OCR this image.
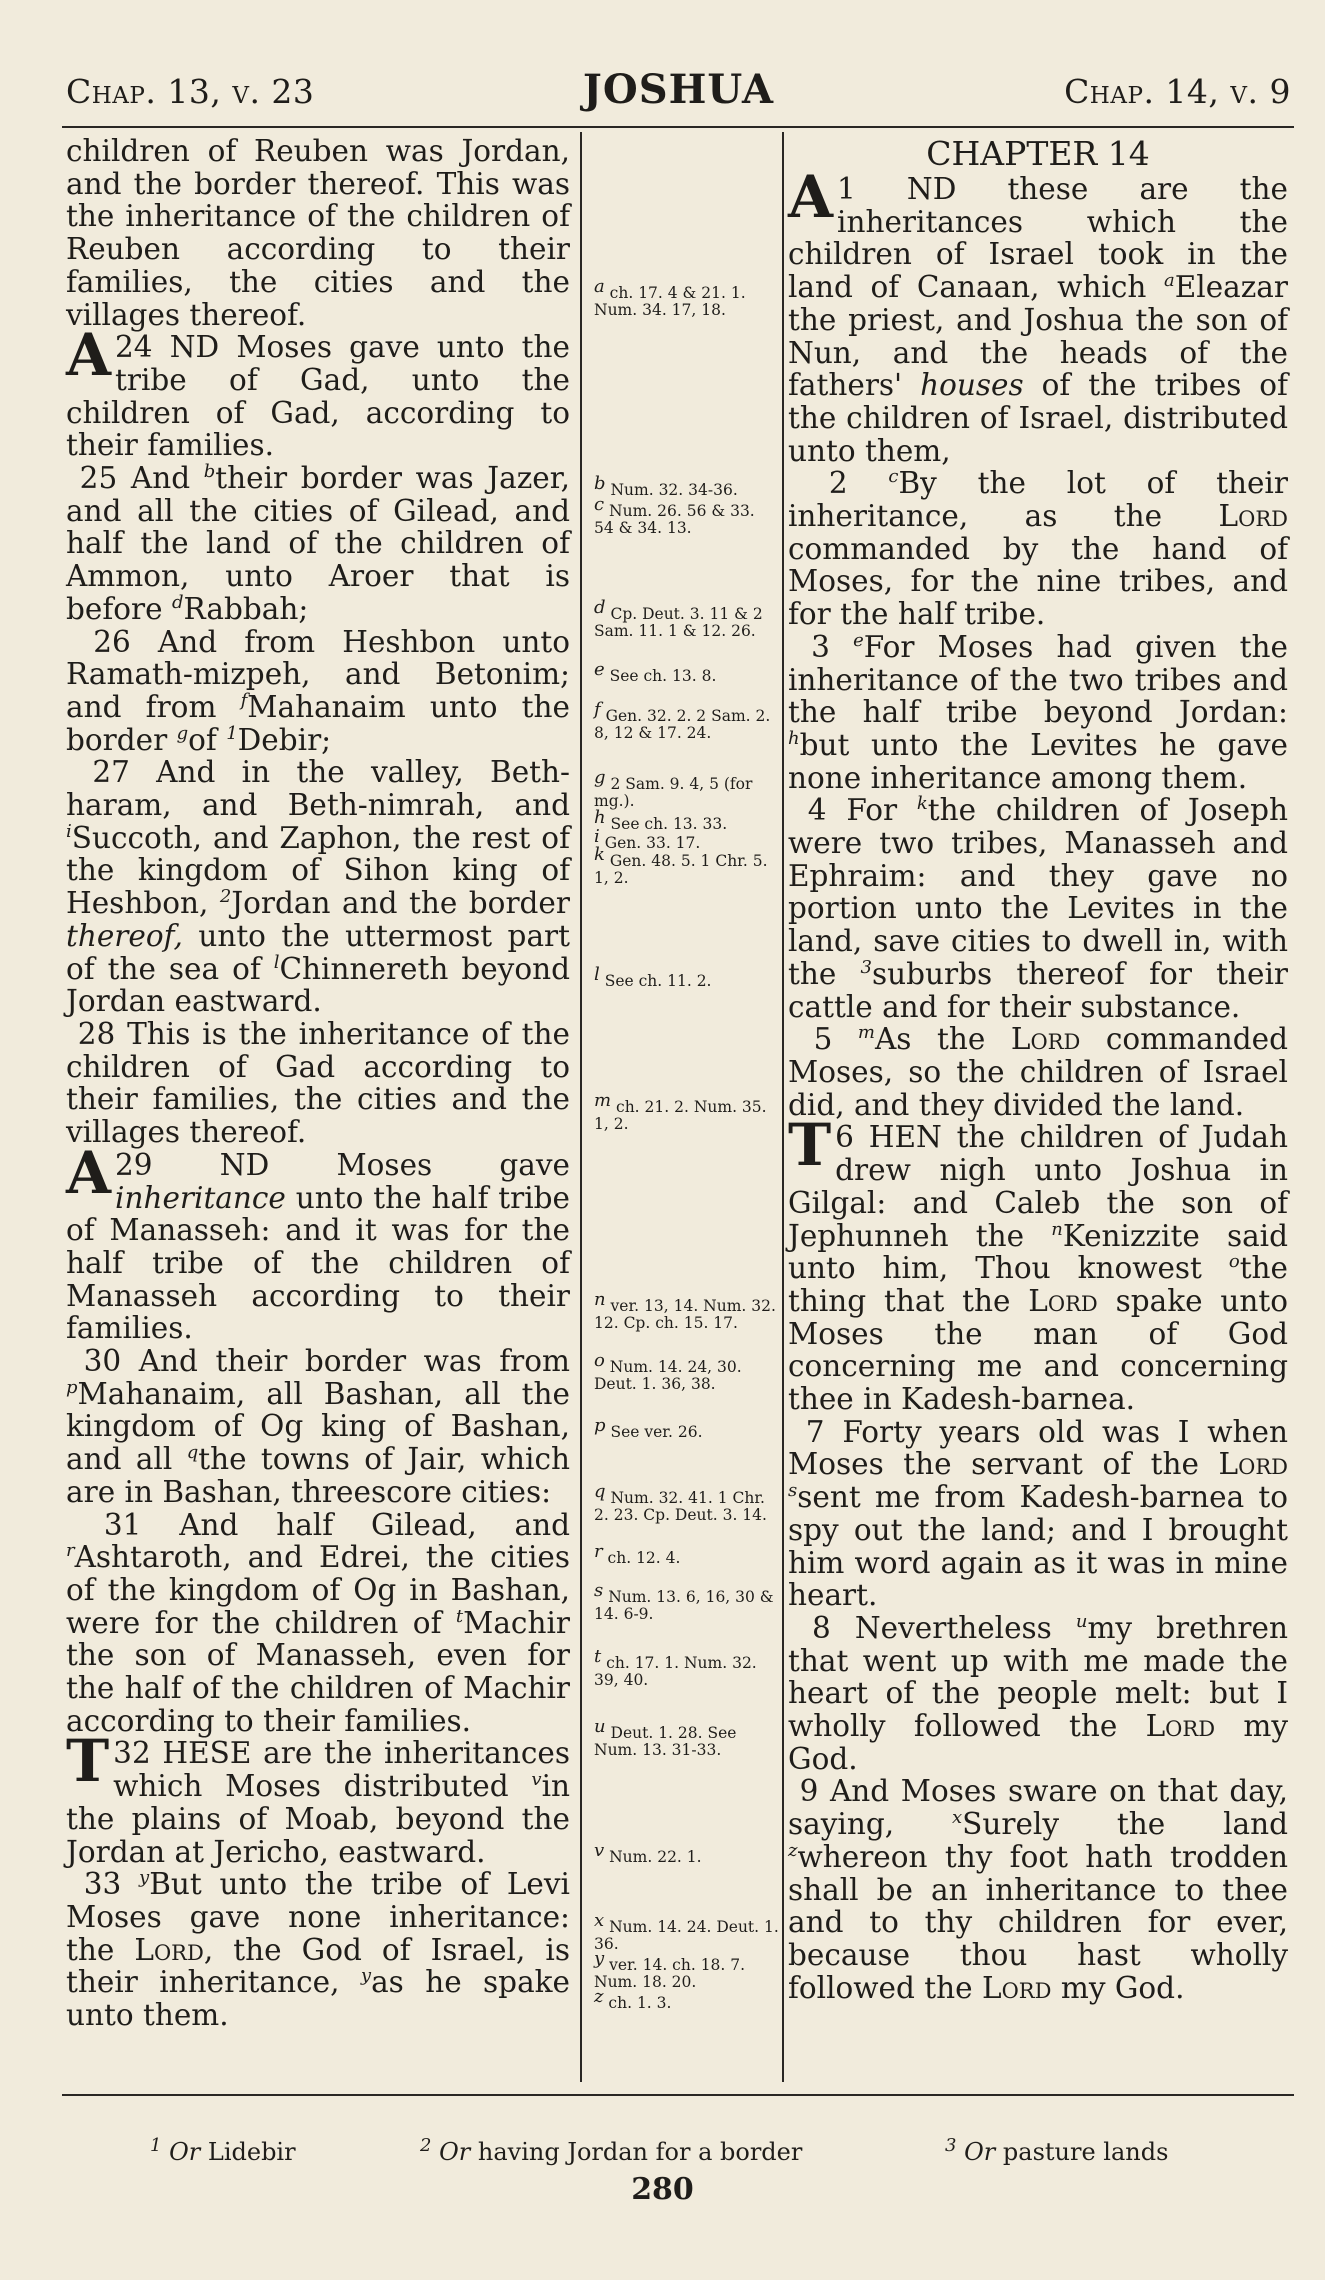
Chap. 13, v. 23	JOSHUA	Chap. 14, v. 9

children of Reuben was Jordan, and the border thereof. This was the inheritance of the children of Reuben according to their families, the cities and the villages thereof.

24
A ND Moses gave unto the tribe of Gad, unto the children of Gad, according to their families.

25 And $^b$their border was Jazer, and all the cities of Gilead, and half the land of the children of Ammon, unto Aroer that is before $^d$Rabbah;

26 And from Heshbon unto Ramath-mizpeh, and Betonim; and from $^f$Mahanaim unto the border $^g$of $^1$Debir;

27 And in the valley, Beth-haram, and Beth-nimrah, and $^i$Succoth, and Zaphon, the rest of the kingdom of Sihon king of Heshbon, $^2$Jordan and the border thereof, unto the uttermost part of the sea of $^l$Chinnereth beyond Jordan eastward.

28 This is the inheritance of the children of Gad according to their families, the cities and the villages thereof.

29
A	ND Moses gave inheritance unto the half tribe of Manasseh: and it was for the half tribe of the children of Manasseh according to their families.

30 And their border was from $^p$Mahanaim, all Bashan, all the kingdom of Og king of Bashan, and all $^q$the towns of Jair, which are in Bashan, threescore cities:

31 And half Gilead, and $^r$Ashtaroth, and Edrei, the cities of the kingdom of Og in Bashan, were for the children of $^t$Machir the son of Manasseh, even for the half of the children of Machir according to their families.

32
T HESE are the inheritances which Moses distributed $^v$in the plains of Moab, beyond the Jordan at Jericho, eastward.

33 $^y$But unto the tribe of Levi Moses gave none inheritance: the Lord, the God of Israel, is their inheritance, $^y$as he spake unto them.

$^a$ ch. 17. 4 & 21. 1. Num. 34. 17, 18.
$^b$ Num. 32. 34-36.
$^c$ Num. 26. 56 & 33. 54 & 34. 13.
$^d$ Cp. Deut. 3. 11 & 2 Sam. 11. 1 & 12. 26.
$^e$ See ch. 13. 8.
$^f$ Gen. 32. 2. 2 Sam. 2. 8, 12 & 17. 24.
$^g$ 2 Sam. 9. 4, 5 (for mg.).
$^h$ See ch. 13. 33.
$^i$ Gen. 33. 17.
$^k$ Gen. 48. 5. 1 Chr. 5. 1, 2.
$^l$ See ch. 11. 2.
$^m$ ch. 21. 2. Num. 35. 1, 2.
$^n$ ver. 13, 14. Num. 32. 12. Cp. ch. 15. 17.
$^o$ Num. 14. 24, 30. Deut. 1. 36, 38.
$^p$ See ver. 26.
$^q$ Num. 32. 41. 1 Chr. 2. 23. Cp. Deut. 3. 14.
$^r$ ch. 12. 4.
$^s$ Num. 13. 6, 16, 30 & 14. 6-9.
$^t$ ch. 17. 1. Num. 32. 39, 40.
$^u$ Deut. 1. 28. See Num. 13. 31-33.
$^v$ Num. 22. 1.
$^x$ Num. 14. 24. Deut. 1. 36.
$^y$ ver. 14. ch. 18. 7. Num. 18. 20.
$^z$ ch. 1. 3.

CHAPTER 14

1
A	ND these are the inheritances which the children of Israel took in the land of Canaan, which $^a$Eleazar the priest, and Joshua the son of Nun, and the heads of the fathers' houses of the tribes of the children of Israel, distributed unto them,

2 $^c$By the lot of their inheritance, as the Lord commanded by the hand of Moses, for the nine tribes, and for the half tribe.

3 $^e$For Moses had given the inheritance of the two tribes and the half tribe beyond Jordan: $^h$but unto the Levites he gave none inheritance among them.

4 For $^k$the children of Joseph were two tribes, Manasseh and Ephraim: and they gave no portion unto the Levites in the land, save cities to dwell in, with the $^3$suburbs thereof for their cattle and for their substance.

5 $^m$As the Lord commanded Moses, so the children of Israel did, and they divided the land.

6
T HEN the children of Judah drew nigh unto Joshua in Gilgal: and Caleb the son of Jephunneh the $^n$Kenizzite said unto him, Thou knowest $^o$the thing that the Lord spake unto Moses the man of God concerning me and concerning thee in Kadesh-barnea.

7 Forty years old was I when Moses the servant of the Lord $^s$sent me from Kadesh-barnea to spy out the land; and I brought him word again as it was in mine heart.

8 Nevertheless $^u$my brethren that went up with me made the heart of the people melt: but I wholly followed the Lord my God.

9 And Moses sware on that day, saying,	$^x$Surely the land $^z$whereon thy foot hath trodden shall be an inheritance to thee and to thy children for ever, because thou hast wholly followed the Lord my God.

$^1$ Or Lidebir	$^2$ Or having Jordan for a border	$^3$ Or pasture lands
280
